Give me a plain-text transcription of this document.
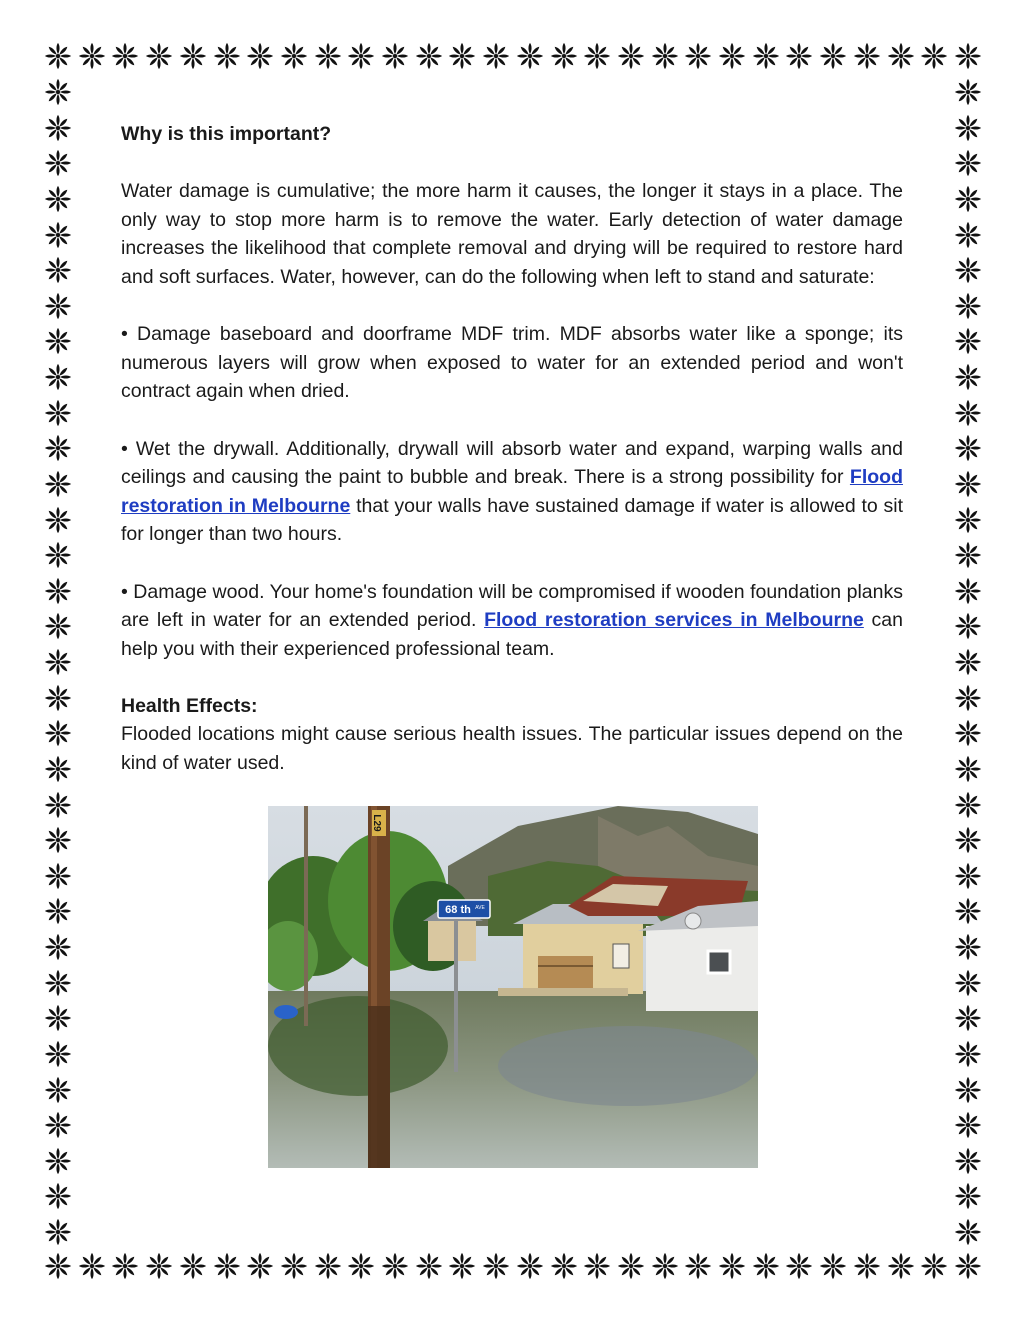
Why is this important?

Water damage is cumulative; the more harm it causes, the longer it stays in a place. The only way to stop more harm is to remove the water. Early detection of water damage increases the likelihood that complete removal and drying will be required to restore hard and soft surfaces. Water, however, can do the following when left to stand and saturate:

• Damage baseboard and doorframe MDF trim. MDF absorbs water like a sponge; its numerous layers will grow when exposed to water for an extended period and won't contract again when dried.

• Wet the drywall. Additionally, drywall will absorb water and expand, warping walls and ceilings and causing the paint to bubble and break. There is a strong possibility for Flood restoration in Melbourne that your walls have sustained damage if water is allowed to sit for longer than two hours.

• Damage wood. Your home's foundation will be compromised if wooden foundation planks are left in water for an extended period. Flood restoration services in Melbourne can help you with their experienced professional team.

Health Effects:

Flooded locations might cause serious health issues. The particular issues depend on the kind of water used.

L29
68 th AVE
